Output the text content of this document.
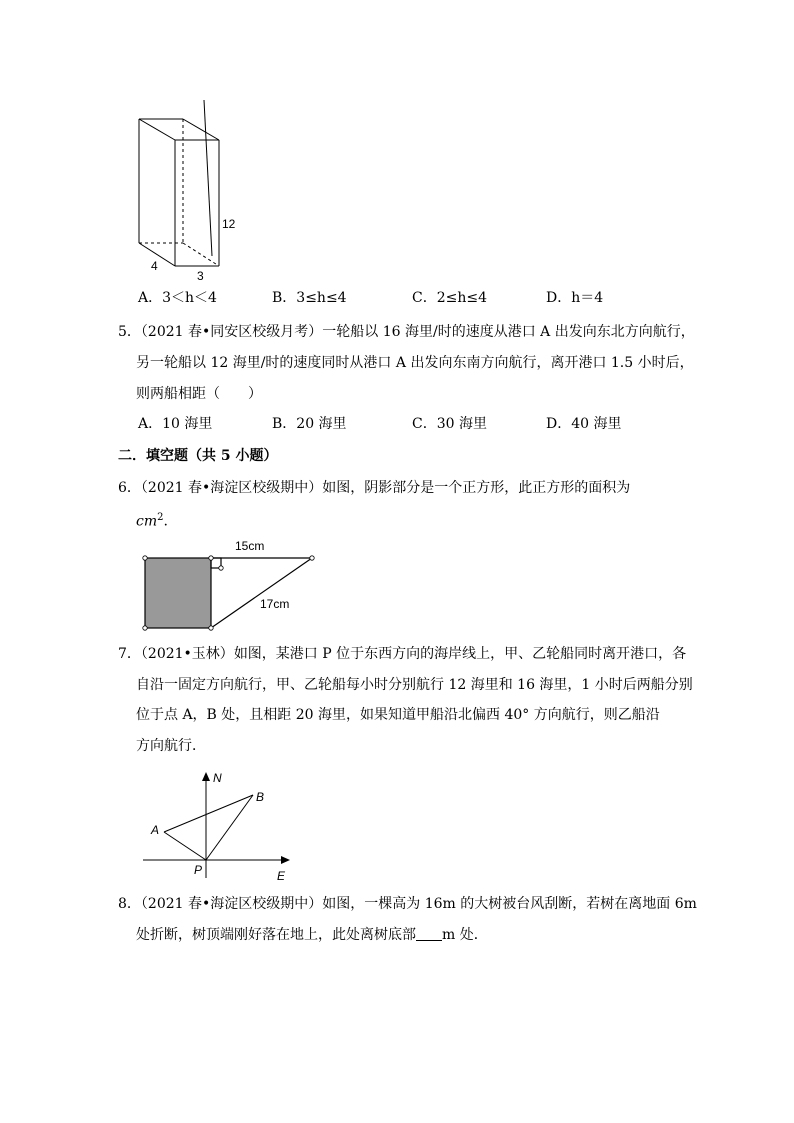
12
4
3
A．3＜h＜4	B．3≤h≤4	C．2≤h≤4	D．h＝4
5．（2021 春•同安区校级月考）一轮船以 16 海里/时的速度从港口 A 出发向东北方向航行，
另一轮船以 12 海里/时的速度同时从港口 A 出发向东南方向航行，离开港口 1.5 小时后，
则两船相距（　　）
A．10 海里	B．20 海里	C．30 海里	D．40 海里
二．填空题（共 5 小题）
6．（2021 春•海淀区校级期中）如图，阴影部分是一个正方形，此正方形的面积为
$cm^2$.
15cm
17cm
7．（2021•玉林）如图，某港口 P 位于东西方向的海岸线上，甲、乙轮船同时离开港口，各
自沿一固定方向航行，甲、乙轮船每小时分别航行 12 海里和 16 海里，1 小时后两船分别
位于点 A，B 处，且相距 20 海里，如果知道甲船沿北偏西 40° 方向航行，则乙船沿
方向航行．
N
B
A
P	E
8．（2021 春•海淀区校级期中）如图，一棵高为 16m 的大树被台风刮断，若树在离地面 6m
处折断，树顶端刚好落在地上，此处离树底部 m 处．
